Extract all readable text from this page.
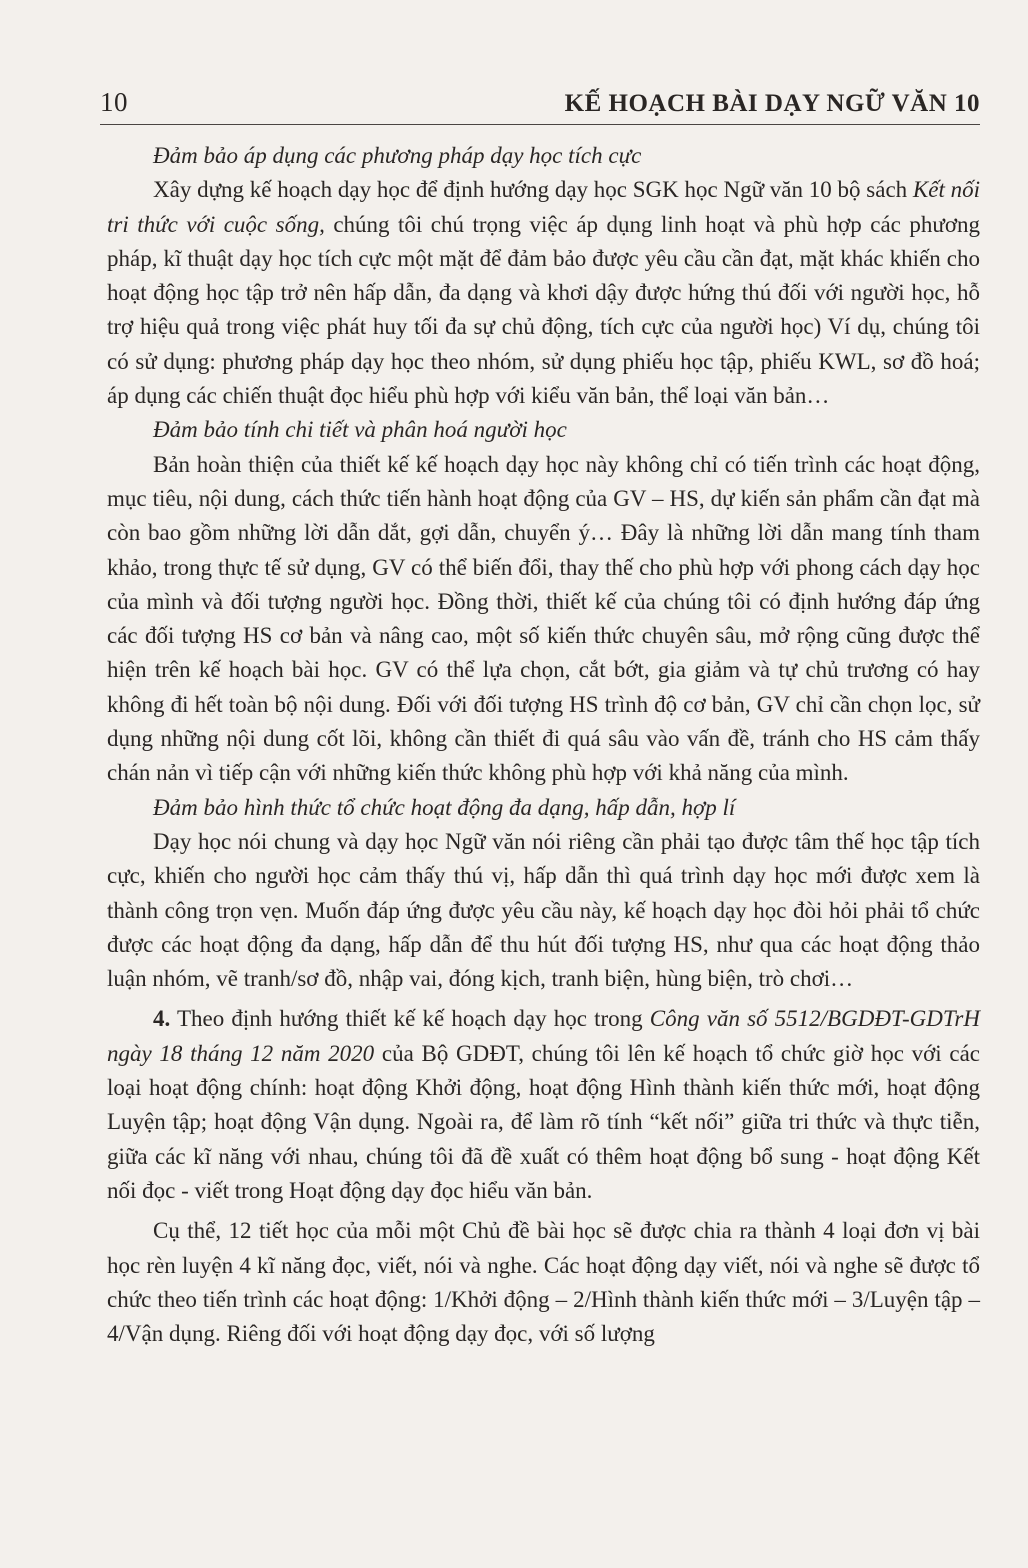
10	KẾ HOẠCH BÀI DẠY NGỮ VĂN 10

Đảm bảo áp dụng các phương pháp dạy học tích cực

Xây dựng kế hoạch dạy học để định hướng dạy học SGK học Ngữ văn 10 bộ sách Kết nối tri thức với cuộc sống, chúng tôi chú trọng việc áp dụng linh hoạt và phù hợp các phương pháp, kĩ thuật dạy học tích cực một mặt để đảm bảo được yêu cầu cần đạt, mặt khác khiến cho hoạt động học tập trở nên hấp dẫn, đa dạng và khơi dậy được hứng thú đối với người học, hỗ trợ hiệu quả trong việc phát huy tối đa sự chủ động, tích cực của người học) Ví dụ, chúng tôi có sử dụng: phương pháp dạy học theo nhóm, sử dụng phiếu học tập, phiếu KWL, sơ đồ hoá; áp dụng các chiến thuật đọc hiểu phù hợp với kiểu văn bản, thể loại văn bản…

Đảm bảo tính chi tiết và phân hoá người học

Bản hoàn thiện của thiết kế kế hoạch dạy học này không chỉ có tiến trình các hoạt động, mục tiêu, nội dung, cách thức tiến hành hoạt động của GV – HS, dự kiến sản phẩm cần đạt mà còn bao gồm những lời dẫn dắt, gợi dẫn, chuyển ý… Đây là những lời dẫn mang tính tham khảo, trong thực tế sử dụng, GV có thể biến đổi, thay thế cho phù hợp với phong cách dạy học của mình và đối tượng người học. Đồng thời, thiết kế của chúng tôi có định hướng đáp ứng các đối tượng HS cơ bản và nâng cao, một số kiến thức chuyên sâu, mở rộng cũng được thể hiện trên kế hoạch bài học. GV có thể lựa chọn, cắt bớt, gia giảm và tự chủ trương có hay không đi hết toàn bộ nội dung. Đối với đối tượng HS trình độ cơ bản, GV chỉ cần chọn lọc, sử dụng những nội dung cốt lõi, không cần thiết đi quá sâu vào vấn đề, tránh cho HS cảm thấy chán nản vì tiếp cận với những kiến thức không phù hợp với khả năng của mình.

Đảm bảo hình thức tổ chức hoạt động đa dạng, hấp dẫn, hợp lí

Dạy học nói chung và dạy học Ngữ văn nói riêng cần phải tạo được tâm thế học tập tích cực, khiến cho người học cảm thấy thú vị, hấp dẫn thì quá trình dạy học mới được xem là thành công trọn vẹn. Muốn đáp ứng được yêu cầu này, kế hoạch dạy học đòi hỏi phải tổ chức được các hoạt động đa dạng, hấp dẫn để thu hút đối tượng HS, như qua các hoạt động thảo luận nhóm, vẽ tranh/sơ đồ, nhập vai, đóng kịch, tranh biện, hùng biện, trò chơi…

4. Theo định hướng thiết kế kế hoạch dạy học trong Công văn số 5512/BGDĐT-GDTrH ngày 18 tháng 12 năm 2020 của Bộ GDĐT, chúng tôi lên kế hoạch tổ chức giờ học với các loại hoạt động chính: hoạt động Khởi động, hoạt động Hình thành kiến thức mới, hoạt động Luyện tập; hoạt động Vận dụng. Ngoài ra, để làm rõ tính “kết nối” giữa tri thức và thực tiễn, giữa các kĩ năng với nhau, chúng tôi đã đề xuất có thêm hoạt động bổ sung - hoạt động Kết nối đọc - viết trong Hoạt động dạy đọc hiểu văn bản.

Cụ thể, 12 tiết học của mỗi một Chủ đề bài học sẽ được chia ra thành 4 loại đơn vị bài học rèn luyện 4 kĩ năng đọc, viết, nói và nghe. Các hoạt động dạy viết, nói và nghe sẽ được tổ chức theo tiến trình các hoạt động: 1/Khởi động – 2/Hình thành kiến thức mới – 3/Luyện tập – 4/Vận dụng. Riêng đối với hoạt động dạy đọc, với số lượng
